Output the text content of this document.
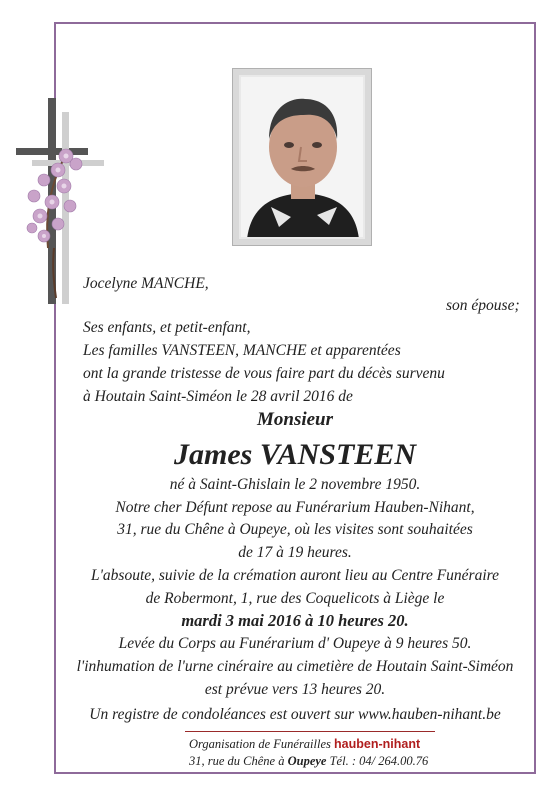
Jocelyne MANCHE,
son épouse;
Ses enfants, et petit-enfant,
Les familles VANSTEEN, MANCHE et apparentées
ont la grande tristesse de vous faire part du décès survenu
à Houtain Saint-Siméon le 28 avril 2016 de
Monsieur
James VANSTEEN
né à Saint-Ghislain le 2 novembre 1950.
Notre cher Défunt repose au Funérarium Hauben-Nihant,
31, rue du Chêne à Oupeye, où les visites sont souhaitées
de 17 à 19 heures.
L'absoute, suivie de la crémation auront lieu au Centre Funéraire
de Robermont, 1, rue des Coquelicots à Liège le
mardi 3 mai 2016 à 10 heures 20.
Levée du Corps au Funérarium d' Oupeye à 9 heures 50.
l'inhumation de l'urne cinéraire au cimetière de Houtain Saint-Siméon
est prévue vers 13 heures 20.
Un registre de condoléances est ouvert sur www.hauben-nihant.be
Organisation de Funérailles hauben-nihant
31, rue du Chêne à Oupeye Tél. : 04/ 264.00.76
